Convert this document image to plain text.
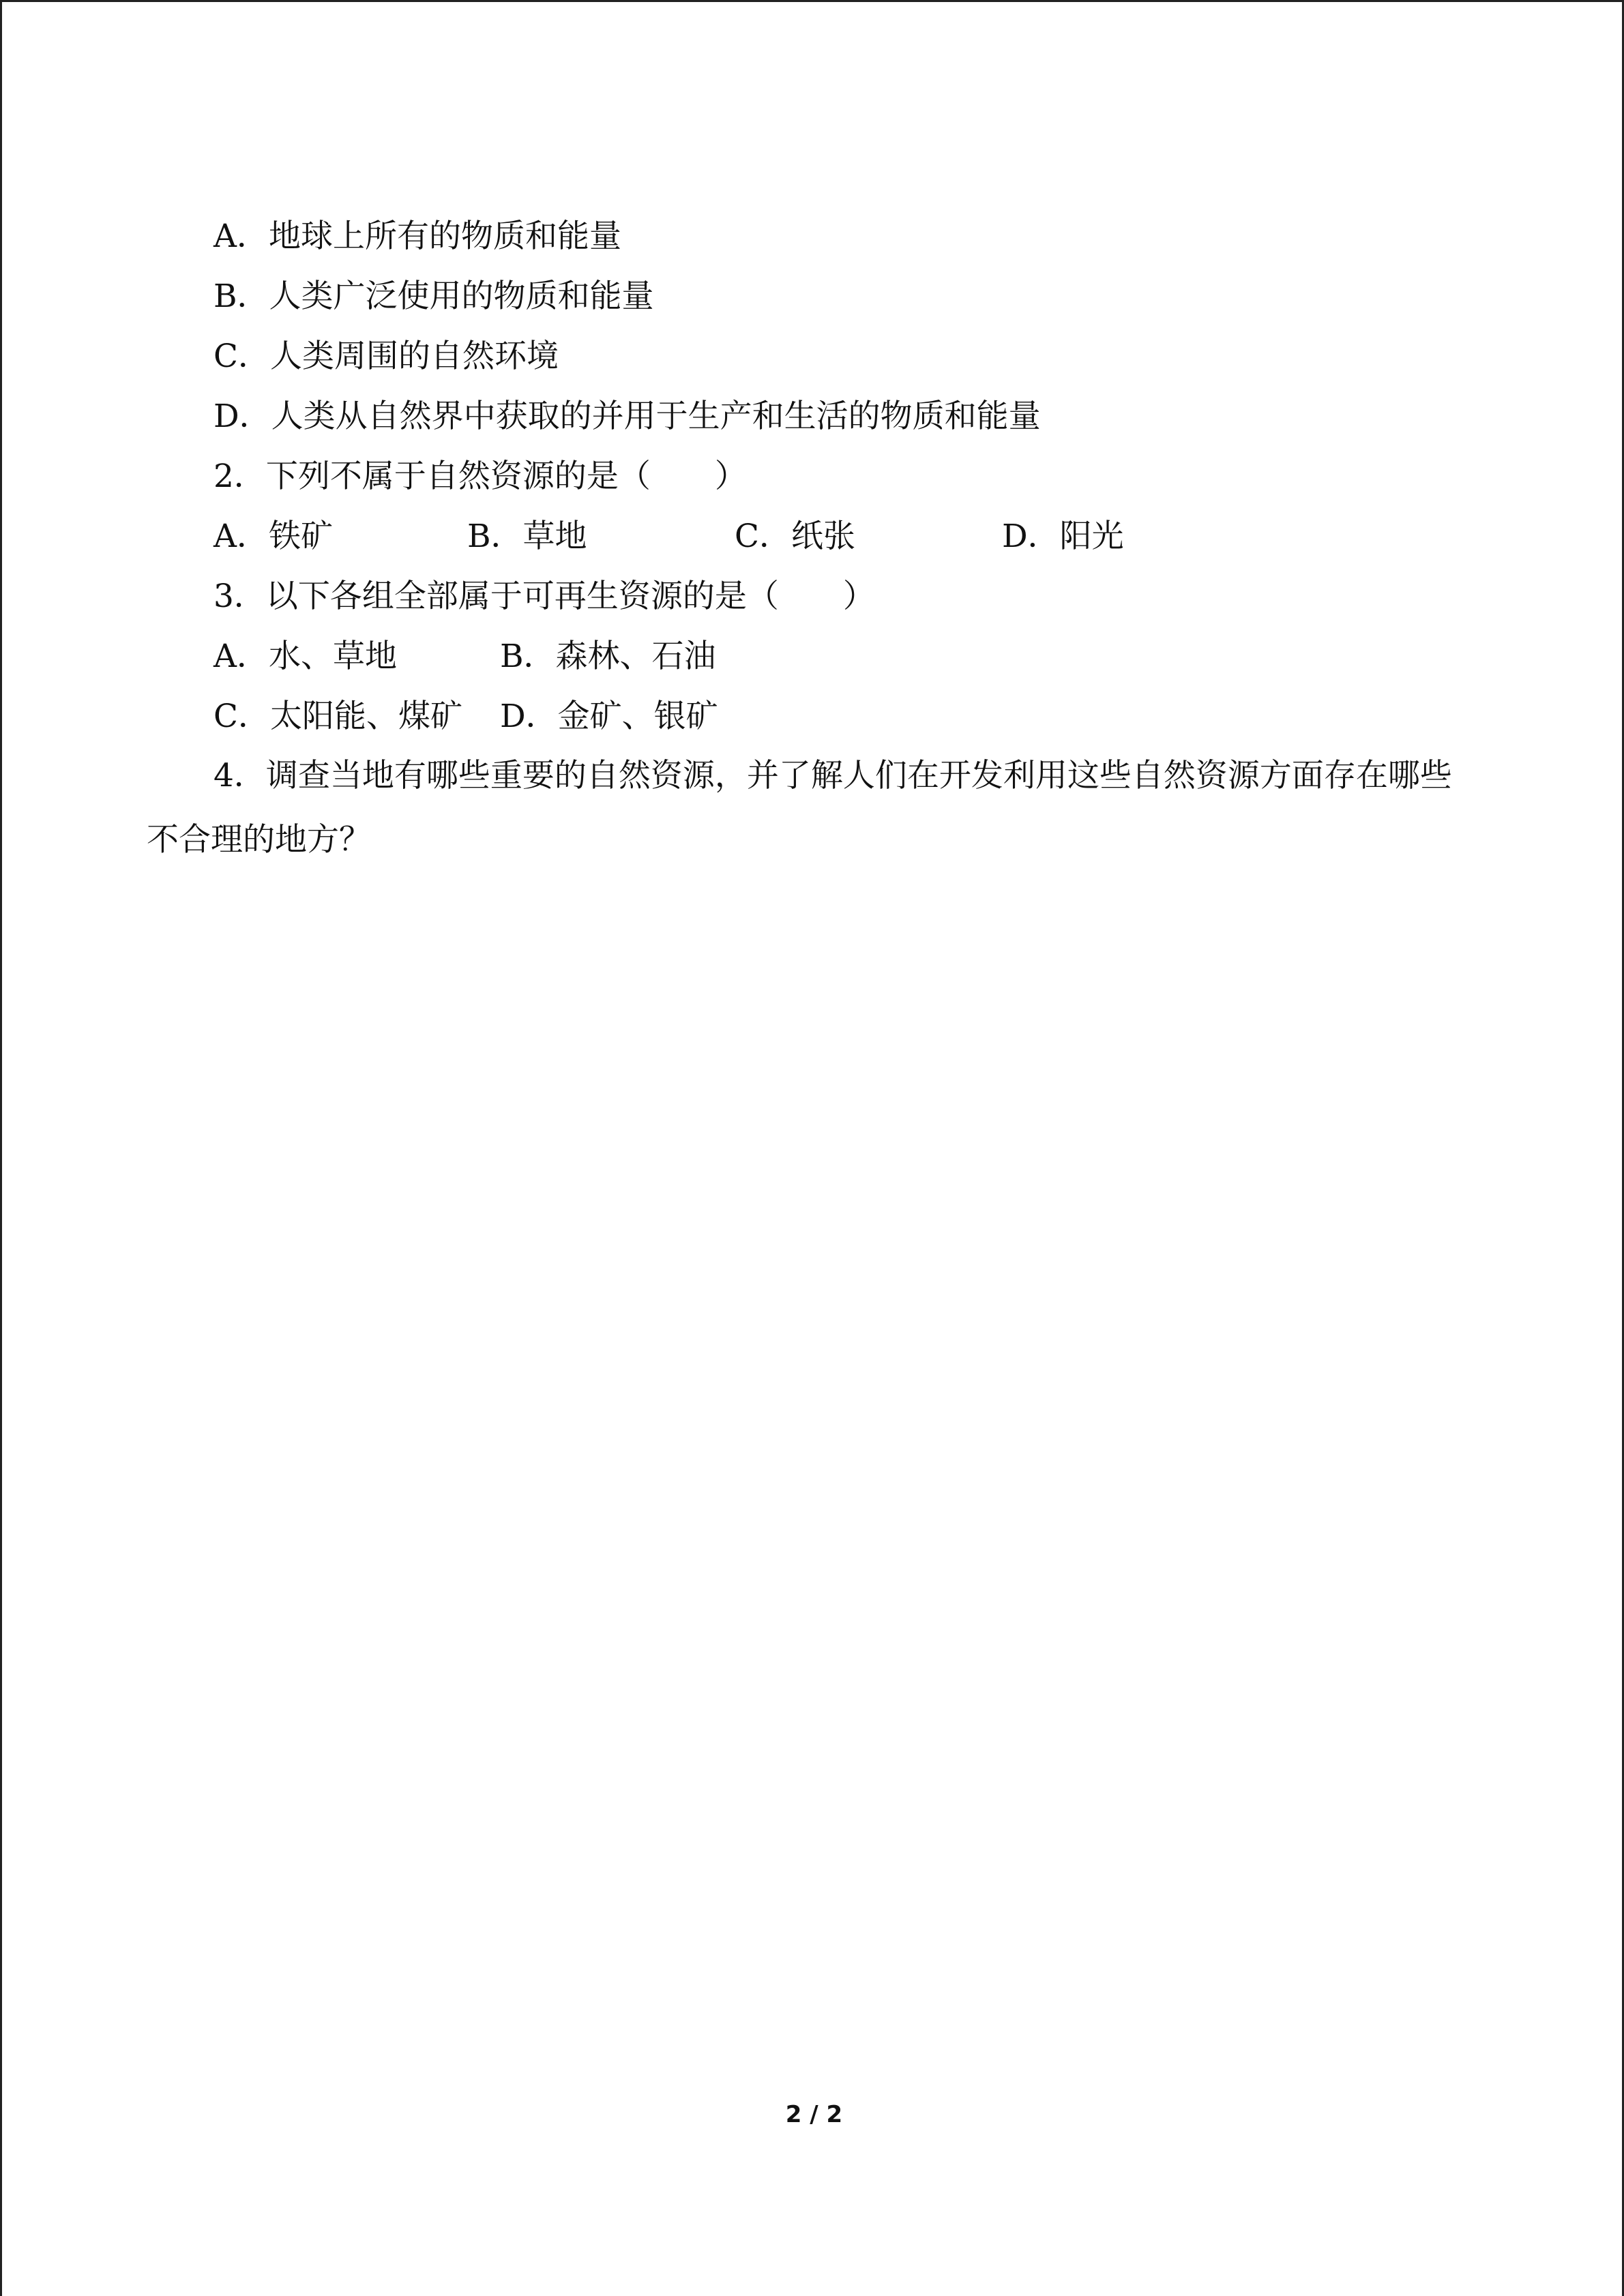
A．地球上所有的物质和能量
B．人类广泛使用的物质和能量
C．人类周围的自然环境
D．人类从自然界中获取的并用于生产和生活的物质和能量
2．下列不属于自然资源的是（　　）
A．铁矿	B．草地	C．纸张	D．阳光
3．以下各组全部属于可再生资源的是（　　）
A．水、草地	B．森林、石油
C．太阳能、煤矿 D．金矿、银矿
4．调查当地有哪些重要的自然资源，并了解人们在开发利用这些自然资源方面存在哪些不合理的地方？
2 / 2
